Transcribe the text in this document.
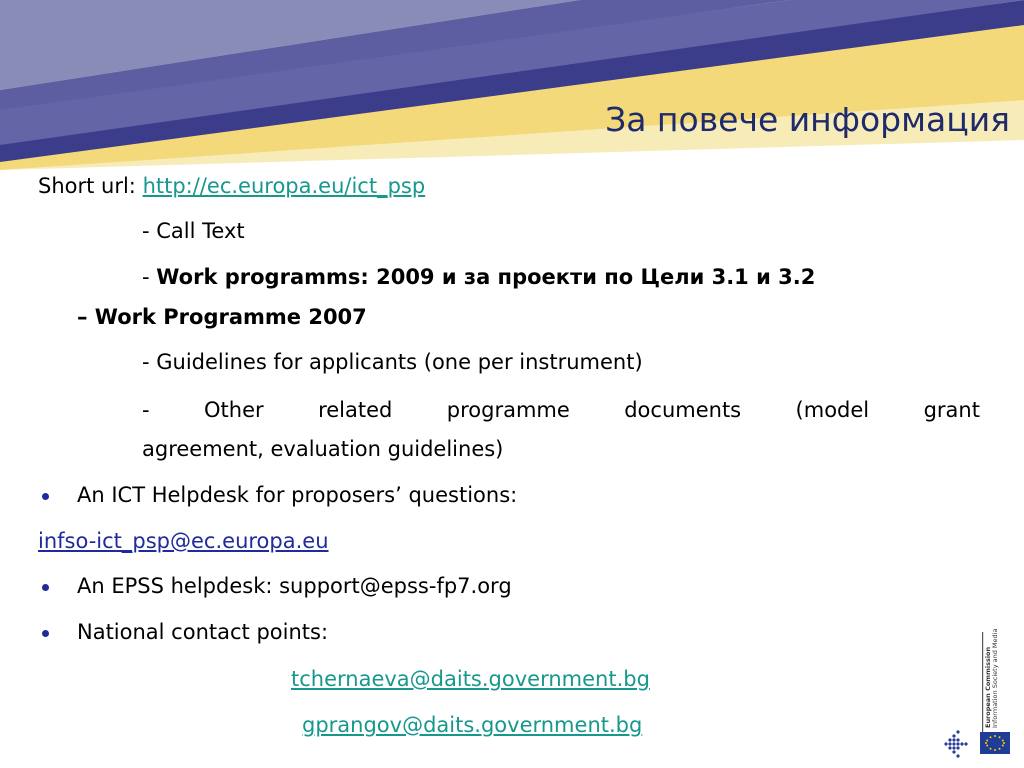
За повече информация
Short url: http://ec.europa.eu/ict_psp
- Call Text
- Work programms: 2009 и за проекти по Цели 3.1 и 3.2
– Work Programme 2007
- Guidelines for applicants (one per instrument)
-	Other	related	programme	documents	(model	grant
agreement, evaluation guidelines)
An ICT Helpdesk for proposers’ questions:
infso-ict_psp@ec.europa.eu
An EPSS helpdesk: support@epss-fp7.org
National contact points:
tchernaeva@daits.government.bg
gprangov@daits.government.bg	European Commission
Information Society and Media
